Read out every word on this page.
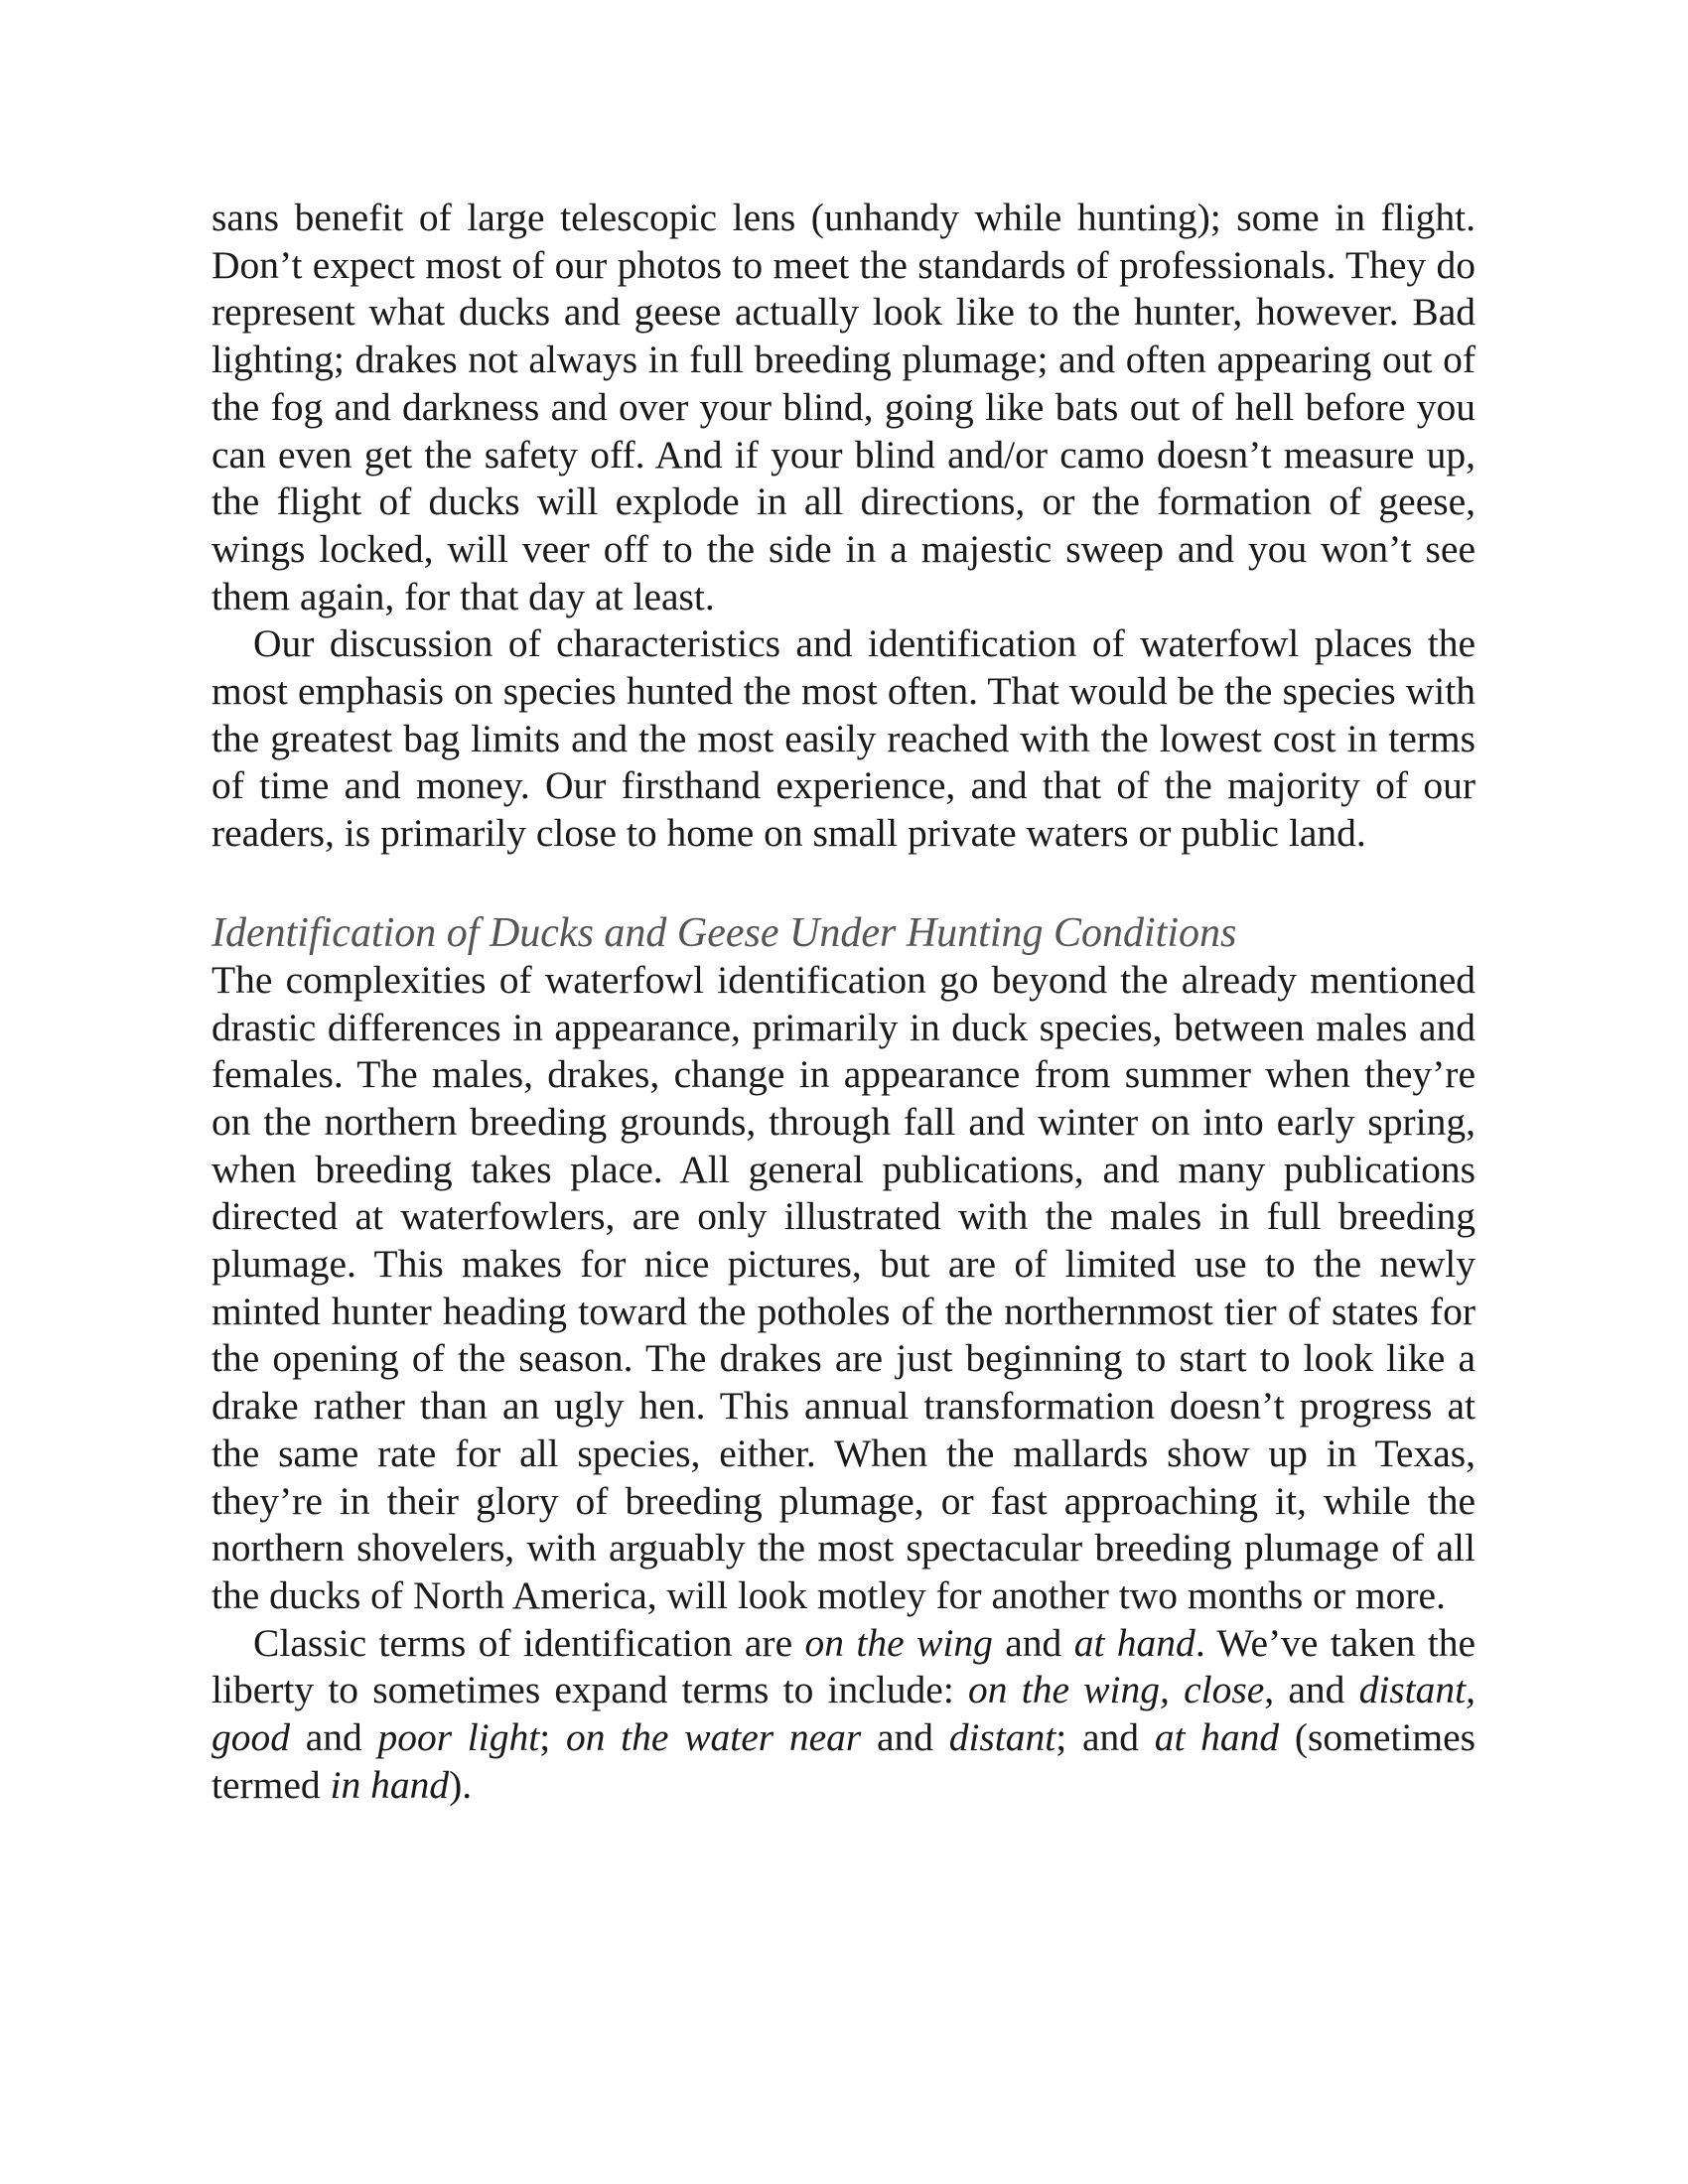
sans benefit of large telescopic lens (unhandy while hunting); some in flight. Don’t expect most of our photos to meet the standards of professionals. They do represent what ducks and geese actually look like to the hunter, however. Bad lighting; drakes not always in full breeding plumage; and often appearing out of the fog and darkness and over your blind, going like bats out of hell before you can even get the safety off. And if your blind and/or camo doesn’t measure up, the flight of ducks will explode in all directions, or the formation of geese, wings locked, will veer off to the side in a majestic sweep and you won’t see them again, for that day at least.

Our discussion of characteristics and identification of waterfowl places the most emphasis on species hunted the most often. That would be the species with the greatest bag limits and the most easily reached with the lowest cost in terms of time and money. Our firsthand experience, and that of the majority of our readers, is primarily close to home on small private waters or public land.

Identification of Ducks and Geese Under Hunting Conditions

The complexities of waterfowl identification go beyond the already mentioned drastic differences in appearance, primarily in duck species, between males and females. The males, drakes, change in appearance from summer when they’re on the northern breeding grounds, through fall and winter on into early spring, when breeding takes place. All general publications, and many publications directed at waterfowlers, are only illustrated with the males in full breeding plumage. This makes for nice pictures, but are of limited use to the newly minted hunter heading toward the potholes of the northernmost tier of states for the opening of the season. The drakes are just beginning to start to look like a drake rather than an ugly hen. This annual transformation doesn’t progress at the same rate for all species, either. When the mallards show up in Texas, they’re in their glory of breeding plumage, or fast approaching it, while the northern shovelers, with arguably the most spectacular breeding plumage of all the ducks of North America, will look motley for another two months or more.

Classic terms of identification are on the wing and at hand. We’ve taken the liberty to sometimes expand terms to include: on the wing, close, and distant, good and poor light; on the water near and distant; and at hand (sometimes termed in hand).
